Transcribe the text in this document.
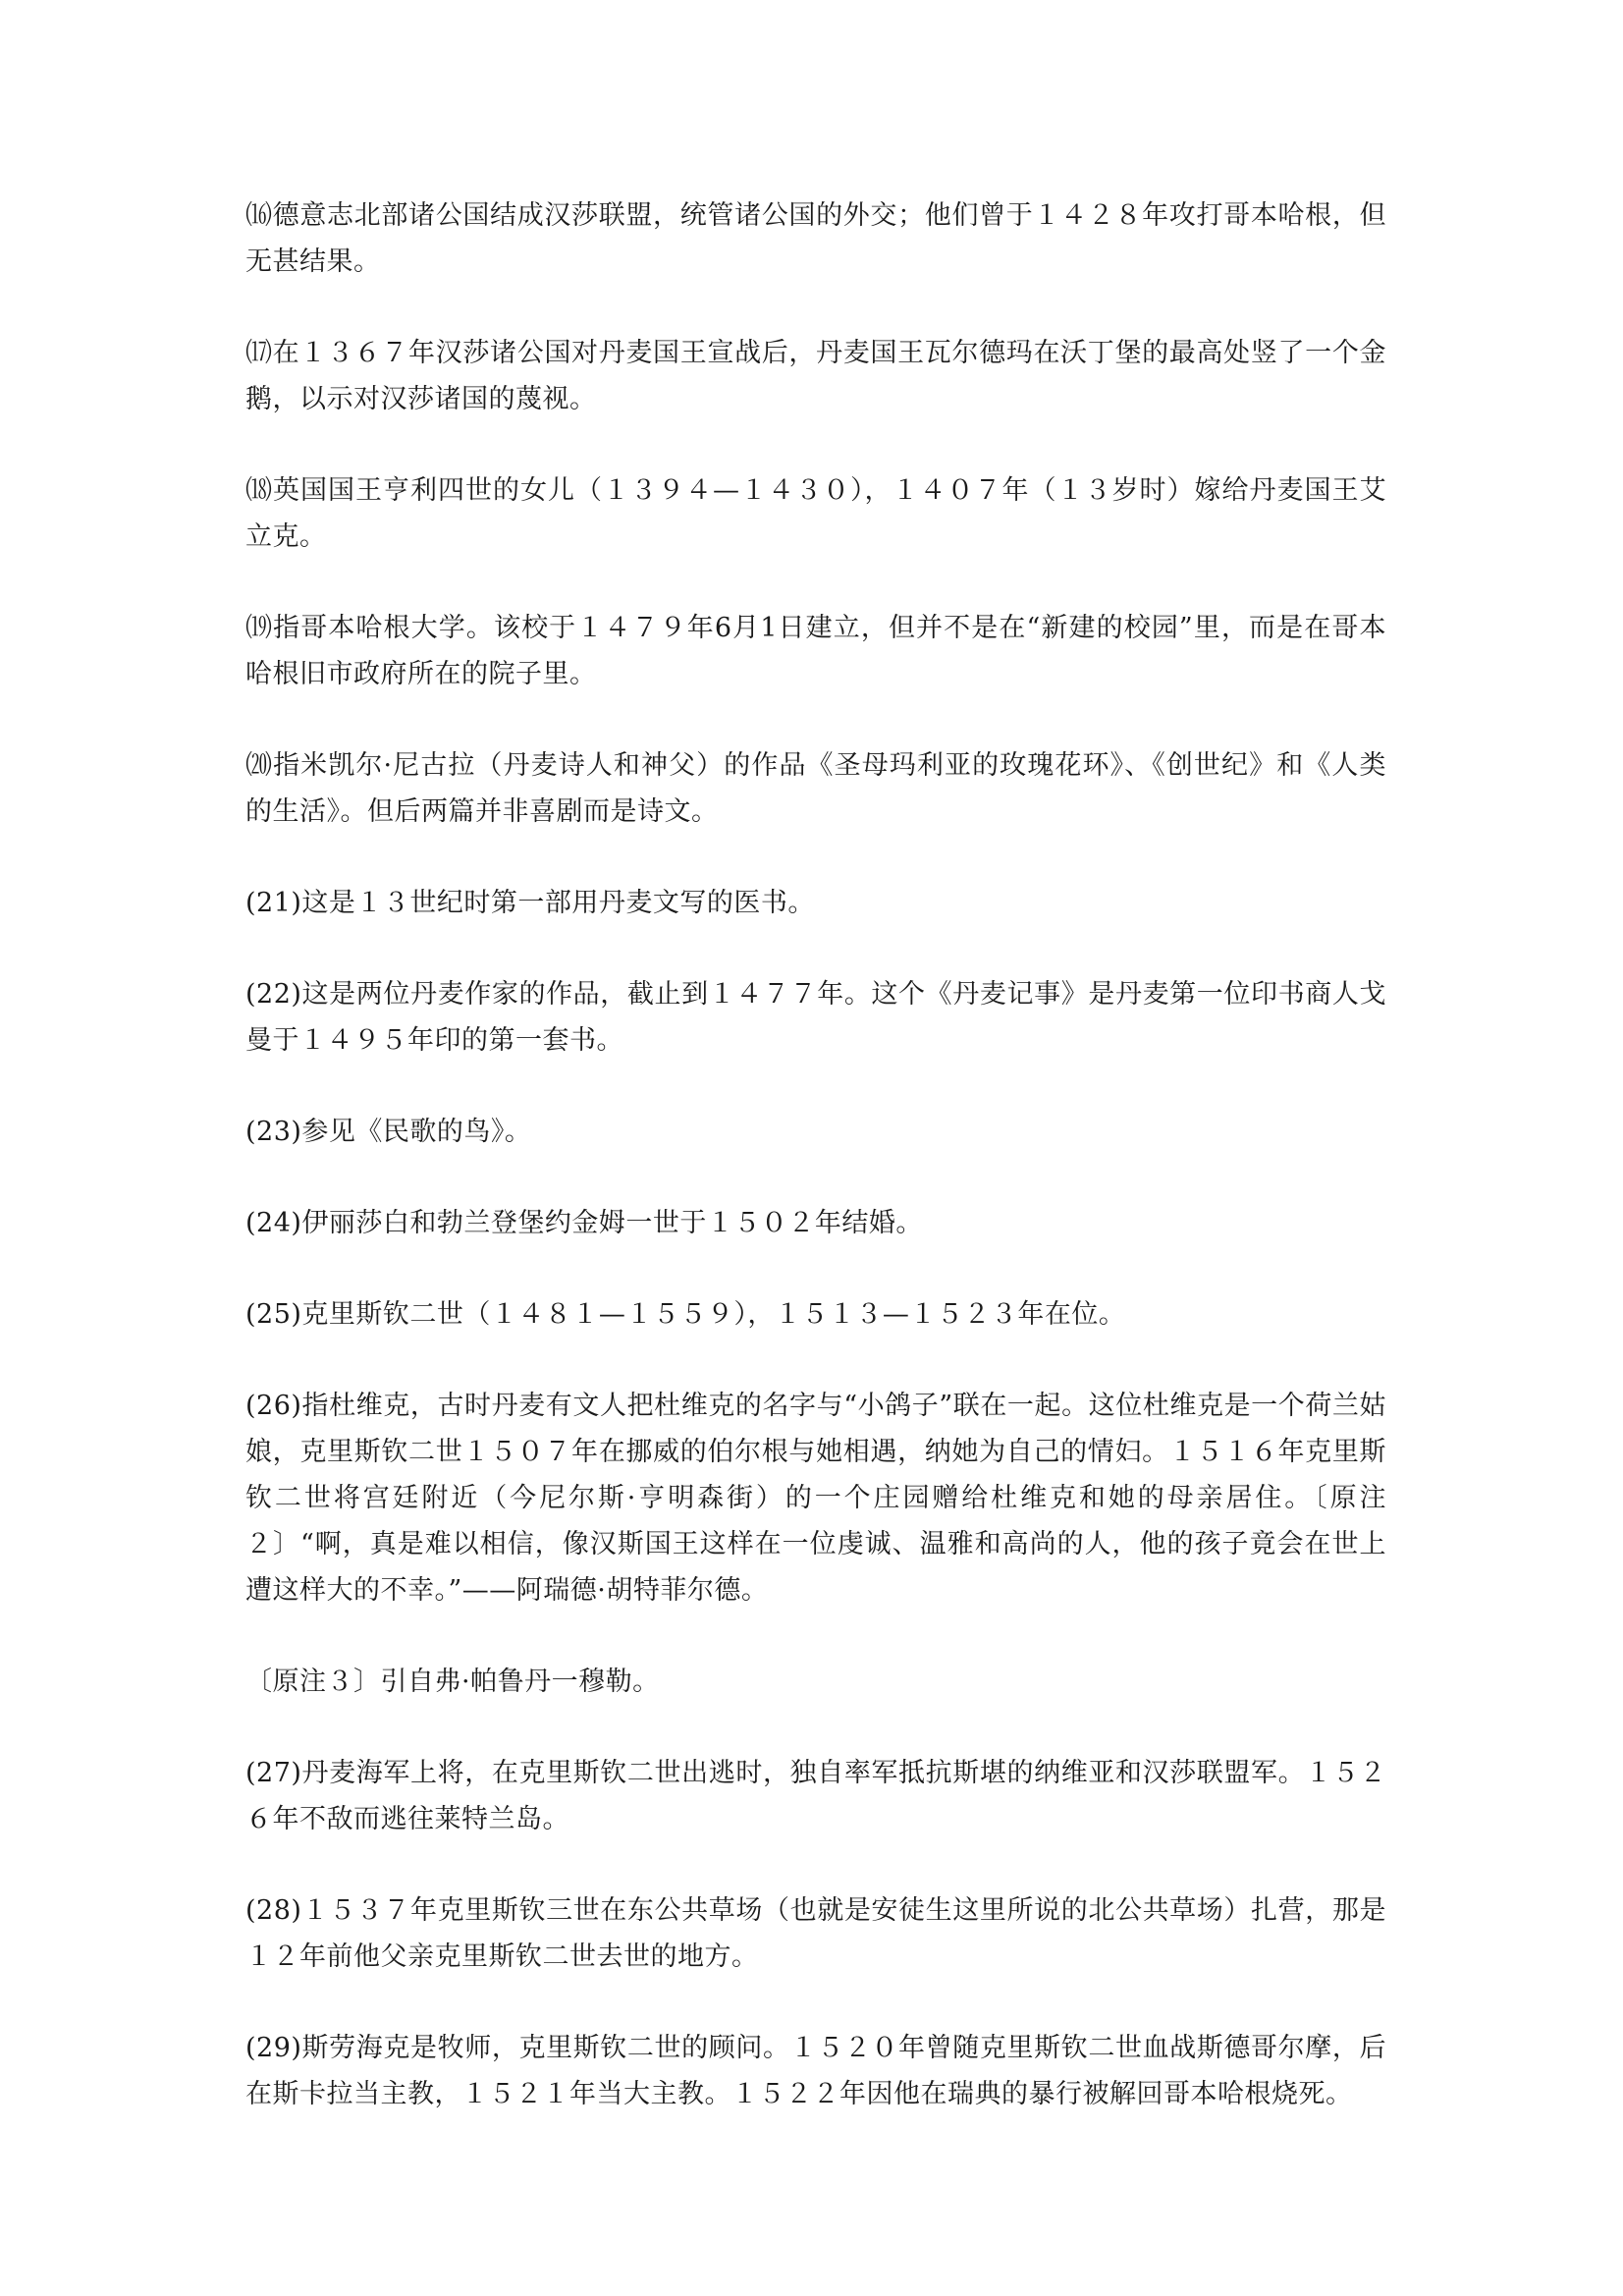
⒃德意志北部诸公国结成汉莎联盟，统管诸公国的外交；他们曾于１４２８年攻打哥本哈根，但无甚结果。

⒄在１３６７年汉莎诸公国对丹麦国王宣战后，丹麦国王瓦尔德玛在沃丁堡的最高处竖了一个金鹅，以示对汉莎诸国的蔑视。

⒅英国国王亨利四世的女儿（１３９４—１４３０），１４０７年（１３岁时）嫁给丹麦国王艾立克。

⒆指哥本哈根大学。该校于１４７９年6月1日建立，但并不是在“新建的校园”里，而是在哥本哈根旧市政府所在的院子里。

⒇指米凯尔·尼古拉（丹麦诗人和神父）的作品《圣母玛利亚的玫瑰花环》、《创世纪》和《人类的生活》。但后两篇并非喜剧而是诗文。

(21)这是１３世纪时第一部用丹麦文写的医书。

(22)这是两位丹麦作家的作品，截止到１４７７年。这个《丹麦记事》是丹麦第一位印书商人戈曼于１４９５年印的第一套书。

(23)参见《民歌的鸟》。

(24)伊丽莎白和勃兰登堡约金姆一世于１５０２年结婚。

(25)克里斯钦二世（１４８１—１５５９），１５１３—１５２３年在位。

(26)指杜维克，古时丹麦有文人把杜维克的名字与“小鸽子”联在一起。这位杜维克是一个荷兰姑娘，克里斯钦二世１５０７年在挪威的伯尔根与她相遇，纳她为自己的情妇。１５１６年克里斯钦二世将宫廷附近（今尼尔斯·亨明森街）的一个庄园赠给杜维克和她的母亲居住。〔原注２〕“啊，真是难以相信，像汉斯国王这样在一位虔诚、温雅和高尚的人，他的孩子竟会在世上遭这样大的不幸。”——阿瑞德·胡特菲尔德。

〔原注３〕引自弗·帕鲁丹一穆勒。

(27)丹麦海军上将，在克里斯钦二世出逃时，独自率军抵抗斯堪的纳维亚和汉莎联盟军。１５２６年不敌而逃往莱特兰岛。

(28)１５３７年克里斯钦三世在东公共草场（也就是安徒生这里所说的北公共草场）扎营，那是１２年前他父亲克里斯钦二世去世的地方。

(29)斯劳海克是牧师，克里斯钦二世的顾问。１５２０年曾随克里斯钦二世血战斯德哥尔摩，后在斯卡拉当主教，１５２１年当大主教。１５２２年因他在瑞典的暴行被解回哥本哈根烧死。
